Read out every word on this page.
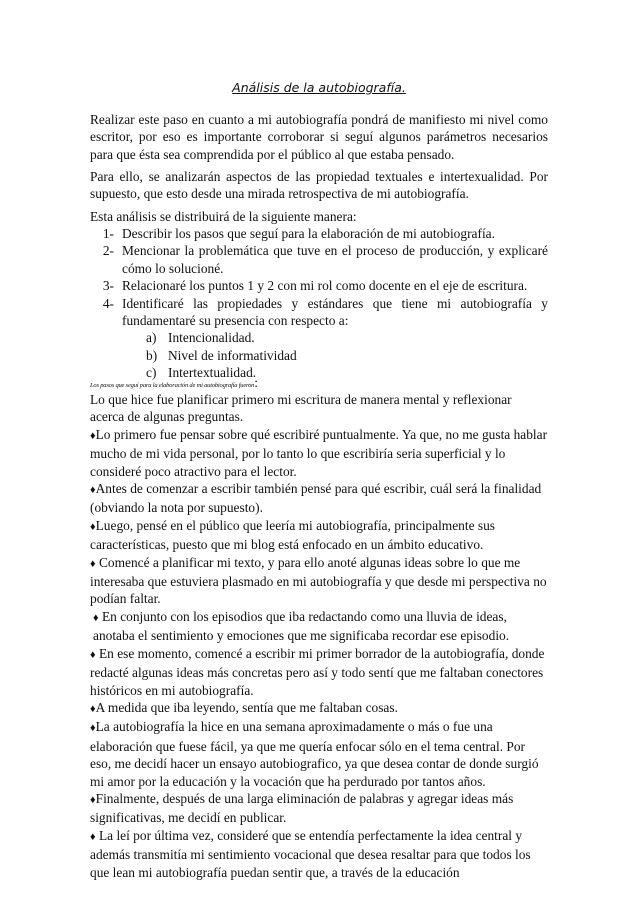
Análisis de la autobiografía.
Realizar este paso en cuanto a mi autobiografía pondrá de manifiesto mi nivel como escritor, por eso es importante corroborar si seguí algunos parámetros necesarios para que ésta sea comprendida por el público al que estaba pensado.
Para ello, se analizarán aspectos de las propiedad textuales e intertexualidad. Por supuesto, que esto desde una mirada retrospectiva de mi autobiografía.
Esta análisis se distribuirá de la siguiente manera:
1- Describir los pasos que seguí para la elaboración de mi autobiografía.
2- Mencionar la problemática que tuve en el proceso de producción, y explicaré cómo lo solucioné.
3- Relacionaré los puntos 1 y 2 con mi rol como docente en el eje de escritura.
4- Identificaré las propiedades y estándares que tiene mi autobiografía y fundamentaré su presencia con respecto a:
a) Intencionalidad.
b) Nivel de informatividad
c) Intertextualidad.
Los pasos que seguí para la elaboración de mi autobiografía fueron:

Lo que hice fue planificar primero mi escritura de manera mental y reflexionar acerca de algunas preguntas.

♦Lo primero fue pensar sobre qué escribiré puntualmente. Ya que, no me gusta hablar mucho de mi vida personal, por lo tanto lo que escribiría seria superficial y lo consideré poco atractivo para el lector.

♦Antes de comenzar a escribir también pensé para qué escribir, cuál será la finalidad (obviando la nota por supuesto).

♦Luego, pensé en el público que leería mi autobiografía, principalmente sus características, puesto que mi blog está enfocado en un ámbito educativo.

♦ Comencé a planificar mi texto, y para ello anoté algunas ideas sobre lo que me interesaba que estuviera plasmado en mi autobiografía y que desde mi perspectiva no podían faltar.

♦ En conjunto con los episodios que iba redactando como una lluvia de ideas, anotaba el sentimiento y emociones que me significaba recordar ese episodio.

♦ En ese momento, comencé a escribir mi primer borrador de la autobiografía, donde redacté algunas ideas más concretas pero así y todo sentí que me faltaban conectores históricos en mi autobiografía.

♦A medida que iba leyendo, sentía que me faltaban cosas.

♦La autobiografía la hice en una semana aproximadamente o más o fue una elaboración que fuese fácil, ya que me quería enfocar sólo en el tema central. Por eso, me decidí hacer un ensayo autobiografico, ya que desea contar de donde surgió mi amor por la educación y la vocación que ha perdurado por tantos años.

♦Finalmente, después de una larga eliminación de palabras y agregar ideas más significativas, me decidí en publicar.

♦ La leí por última vez, consideré que se entendía perfectamente la idea central y además transmitía mi sentimiento vocacional que desea resaltar para que todos los que lean mi autobiografía puedan sentir que, a través de la educación
